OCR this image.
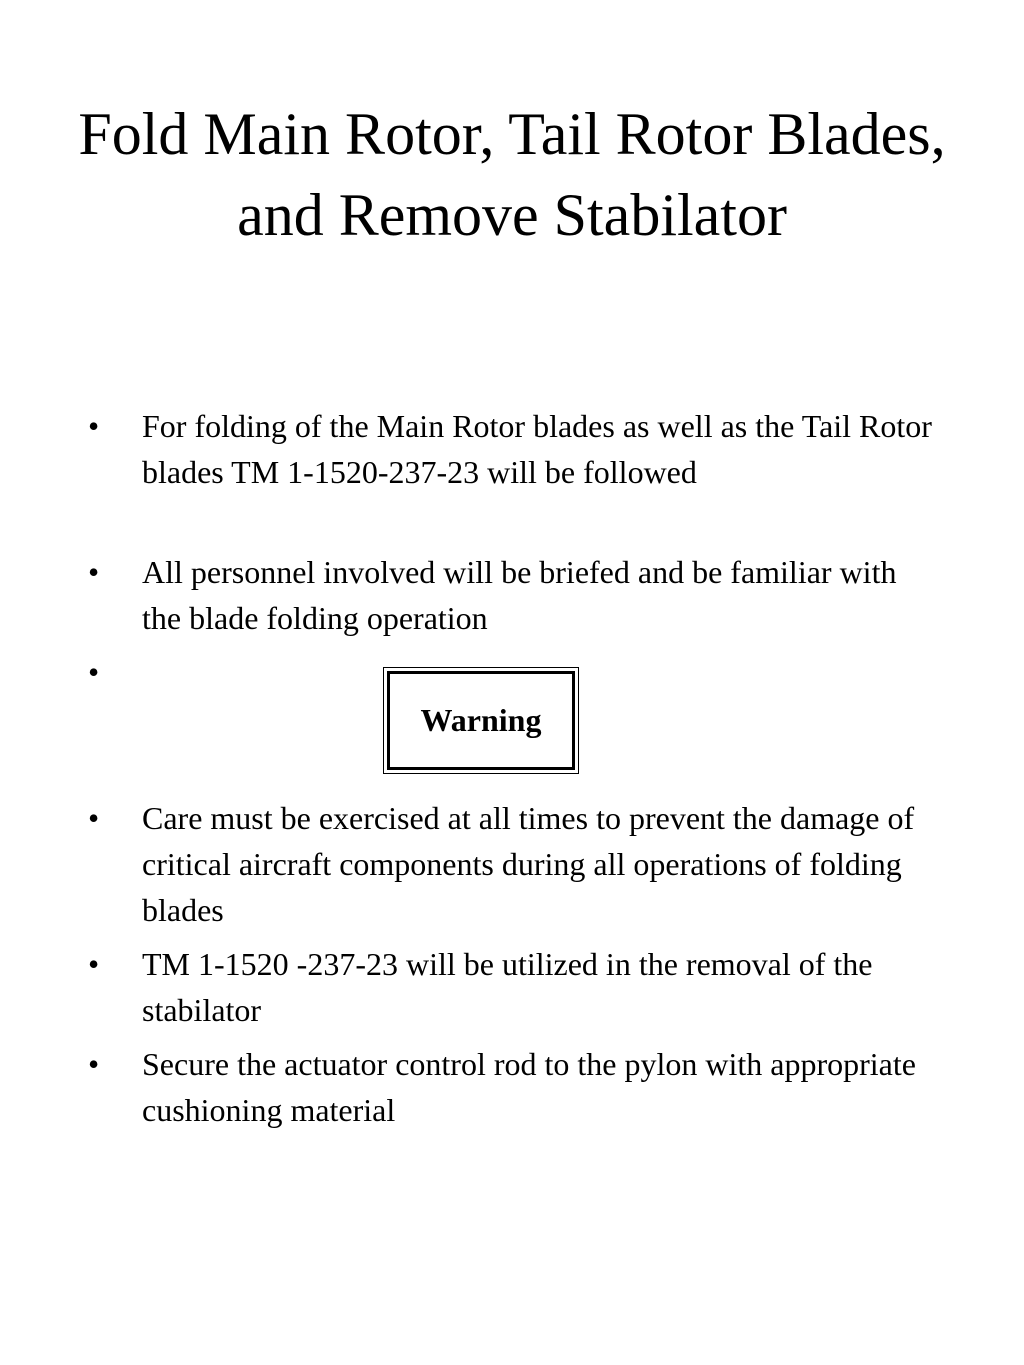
Fold Main Rotor, Tail Rotor Blades, and Remove Stabilator
• For folding of the Main Rotor blades as well as the Tail Rotor blades TM 1-1520-237-23 will be followed
• All personnel involved will be briefed and be familiar with the blade folding operation
•
• Care must be exercised at all times to prevent the damage of critical aircraft components during all operations of folding blades
• TM 1-1520 -237-23 will be utilized in the removal of the stabilator
• Secure the actuator control rod to the pylon with appropriate cushioning material
Warning
